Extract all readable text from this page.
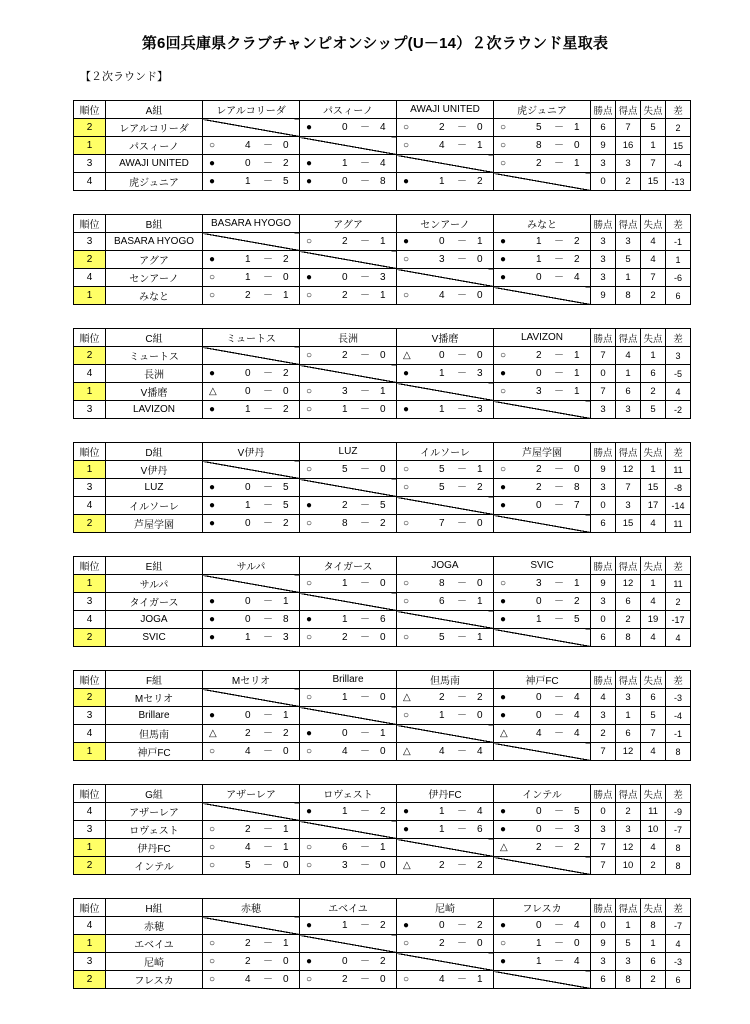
第6回兵庫県クラブチャンピオンシップ(U－14）２次ラウンド星取表
【２次ラウンド】
順位	A組	レアルコリーダ	パスィーノ	AWAJI UNITED	虎ジュニア	勝点	得点	失点	差
2	レアルコリーダ		● 0 － 4	○ 2 － 0	○ 5 － 1	6	7	5	2
1	パスィーノ	○ 4 － 0		○ 4 － 1	○ 8 － 0	9	16	1	15
3	AWAJI UNITED	● 0 － 2	● 1 － 4		○ 2 － 1	3	3	7	-4
4	虎ジュニア	● 1 － 5	● 0 － 8	● 1 － 2		0	2	15	-13
順位	B組	BASARA HYOGO	アグア	センアーノ	みなと	勝点	得点	失点	差
3	BASARA HYOGO		○ 2 － 1	● 0 － 1	● 1 － 2	3	3	4	-1
2	アグア	● 1 － 2		○ 3 － 0	● 1 － 2	3	5	4	1
4	センアーノ	○ 1 － 0	● 0 － 3		● 0 － 4	3	1	7	-6
1	みなと	○ 2 － 1	○ 2 － 1	○ 4 － 0		9	8	2	6
順位	C組	ミュートス	長洲	V播磨	LAVIZON	勝点	得点	失点	差
2	ミュートス		○ 2 － 0	△ 0 － 0	○ 2 － 1	7	4	1	3
4	長洲	● 0 － 2		● 1 － 3	● 0 － 1	0	1	6	-5
1	V播磨	△ 0 － 0	○ 3 － 1		○ 3 － 1	7	6	2	4
3	LAVIZON	● 1 － 2	○ 1 － 0	● 1 － 3		3	3	5	-2
順位	D組	V伊丹	LUZ	イルソーレ	芦屋学園	勝点	得点	失点	差
1	V伊丹		○ 5 － 0	○ 5 － 1	○ 2 － 0	9	12	1	11
3	LUZ	● 0 － 5		○ 5 － 2	● 2 － 8	3	7	15	-8
4	イルソーレ	● 1 － 5	● 2 － 5		● 0 － 7	0	3	17	-14
2	芦屋学園	● 0 － 2	○ 8 － 2	○ 7 － 0		6	15	4	11
順位	E組	サルパ	タイガース	JOGA	SVIC	勝点	得点	失点	差
1	サルパ		○ 1 － 0	○ 8 － 0	○ 3 － 1	9	12	1	11
3	タイガース	● 0 － 1		○ 6 － 1	● 0 － 2	3	6	4	2
4	JOGA	● 0 － 8	● 1 － 6		● 1 － 5	0	2	19	-17
2	SVIC	● 1 － 3	○ 2 － 0	○ 5 － 1		6	8	4	4
順位	F組	Mセリオ	Brillare	但馬南	神戸FC	勝点	得点	失点	差
2	Mセリオ		○ 1 － 0	△ 2 － 2	● 0 － 4	4	3	6	-3
3	Brillare	● 0 － 1		○ 1 － 0	● 0 － 4	3	1	5	-4
4	但馬南	△ 2 － 2	● 0 － 1		△ 4 － 4	2	6	7	-1
1	神戸FC	○ 4 － 0	○ 4 － 0	△ 4 － 4		7	12	4	8
順位	G組	アザーレア	ロヴェスト	伊丹FC	インテル	勝点	得点	失点	差
4	アザーレア		● 1 － 2	● 1 － 4	● 0 － 5	0	2	11	-9
3	ロヴェスト	○ 2 － 1		● 1 － 6	● 0 － 3	3	3	10	-7
1	伊丹FC	○ 4 － 1	○ 6 － 1		△ 2 － 2	7	12	4	8
2	インテル	○ 5 － 0	○ 3 － 0	△ 2 － 2		7	10	2	8
順位	H組	赤穂	エベイユ	尼崎	フレスカ	勝点	得点	失点	差
4	赤穂		● 1 － 2	● 0 － 2	● 0 － 4	0	1	8	-7
1	エベイユ	○ 2 － 1		○ 2 － 0	○ 1 － 0	9	5	1	4
3	尼崎	○ 2 － 0	● 0 － 2		● 1 － 4	3	3	6	-3
2	フレスカ	○ 4 － 0	○ 2 － 0	○ 4 － 1		6	8	2	6
